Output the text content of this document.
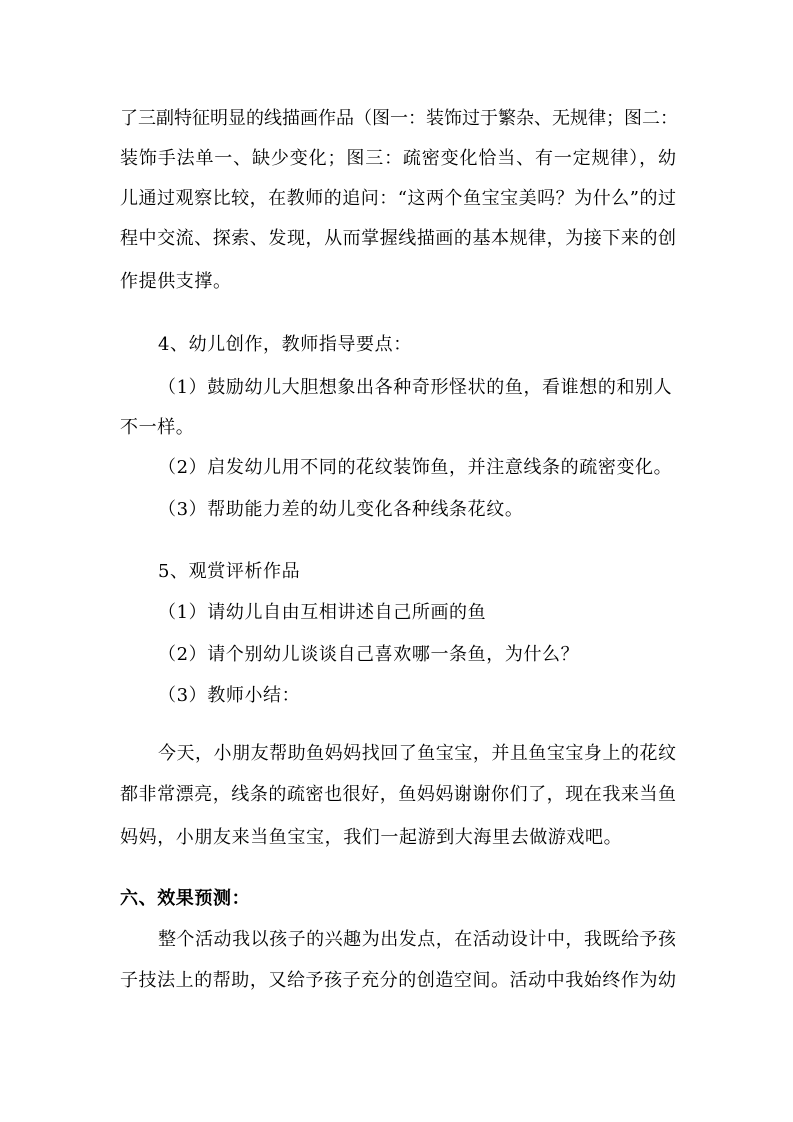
了三副特征明显的线描画作品（图一：装饰过于繁杂、无规律；图二：
装饰手法单一、缺少变化；图三：疏密变化恰当、有一定规律），幼
儿通过观察比较，在教师的追问：“这两个鱼宝宝美吗？为什么”的过
程中交流、探索、发现，从而掌握线描画的基本规律，为接下来的创
作提供支撑。
4、幼儿创作，教师指导要点：
（1）鼓励幼儿大胆想象出各种奇形怪状的鱼，看谁想的和别人
不一样。
（2）启发幼儿用不同的花纹装饰鱼，并注意线条的疏密变化。
（3）帮助能力差的幼儿变化各种线条花纹。
5、观赏评析作品
（1）请幼儿自由互相讲述自己所画的鱼
（2）请个别幼儿谈谈自己喜欢哪一条鱼，为什么？
（3）教师小结：
今天，小朋友帮助鱼妈妈找回了鱼宝宝，并且鱼宝宝身上的花纹
都非常漂亮，线条的疏密也很好，鱼妈妈谢谢你们了，现在我来当鱼
妈妈，小朋友来当鱼宝宝，我们一起游到大海里去做游戏吧。
六、效果预测：
整个活动我以孩子的兴趣为出发点，在活动设计中，我既给予孩
子技法上的帮助，又给予孩子充分的创造空间。活动中我始终作为幼
